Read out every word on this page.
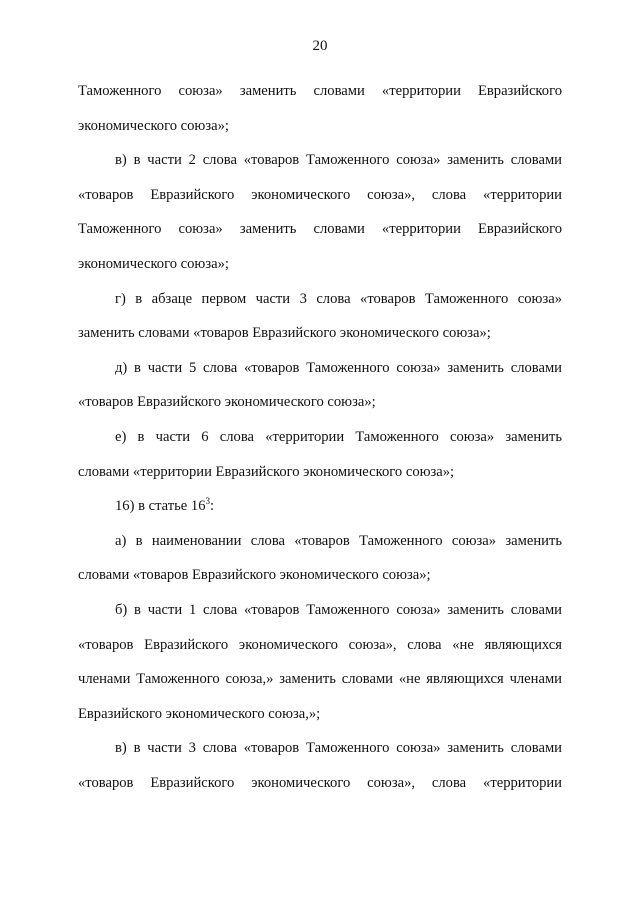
20
Таможенного союза» заменить словами «территории Евразийского
экономического союза»;
в) в части 2 слова «товаров Таможенного союза» заменить словами
«товаров Евразийского экономического союза», слова «территории
Таможенного союза» заменить словами «территории Евразийского
экономического союза»;
г) в абзаце первом части 3 слова «товаров Таможенного союза»
заменить словами «товаров Евразийского экономического союза»;
д) в части 5 слова «товаров Таможенного союза» заменить словами
«товаров Евразийского экономического союза»;
е) в части 6 слова «территории Таможенного союза» заменить
словами «территории Евразийского экономического союза»;
16) в статье $16^3$:
а) в наименовании слова «товаров Таможенного союза» заменить
словами «товаров Евразийского экономического союза»;
б) в части 1 слова «товаров Таможенного союза» заменить словами
«товаров Евразийского экономического союза», слова «не являющихся
членами Таможенного союза,» заменить словами «не являющихся членами
Евразийского экономического союза,»;
в) в части 3 слова «товаров Таможенного союза» заменить словами
«товаров Евразийского экономического союза», слова «территории
